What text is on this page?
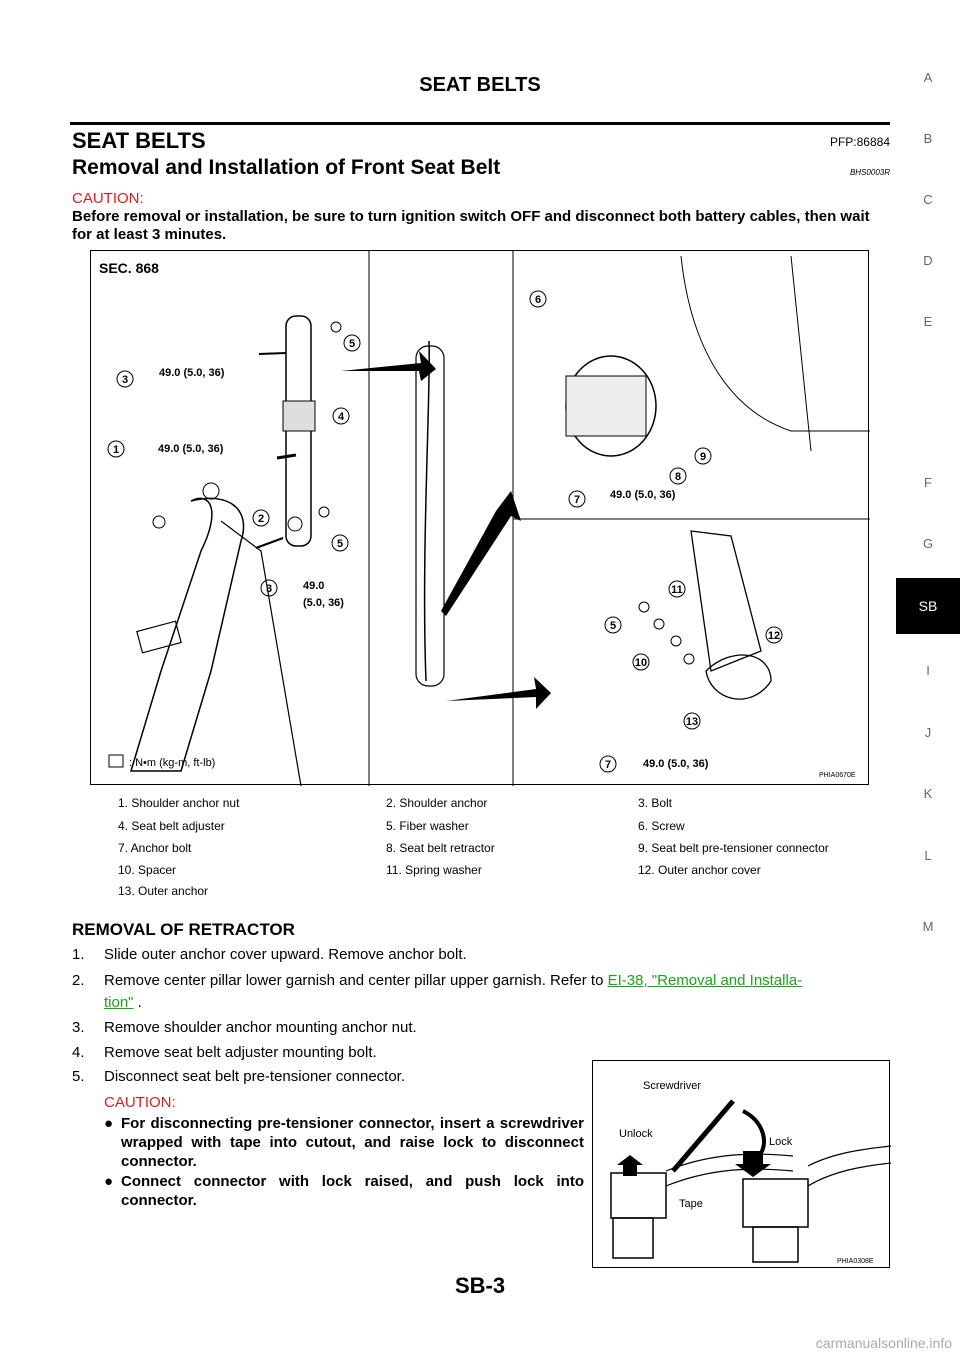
SEAT BELTS
SEAT BELTS	PFP:86884
Removal and Installation of Front Seat Belt	BHS0003R
CAUTION:
Before removal or installation, be sure to turn ignition switch OFF and disconnect both battery cables, then wait for at least 3 minutes.
A
B
C
D
E
F
G
SB
I
J
K
L
M
SEC. 868
3
49.0 (5.0, 36)
1	49.0 (5.0, 36)
5
4
2
5
3	49.0
(5.0, 36)
6
8
9
7	49.0 (5.0, 36)
11
5
12
10
13
7	49.0 (5.0, 36)
: N•m (kg-m, ft-lb)
PHIA0670E
1. Shoulder anchor nut	2. Shoulder anchor	3. Bolt
4. Seat belt adjuster	5. Fiber washer	6. Screw
7. Anchor bolt	8. Seat belt retractor	9. Seat belt pre-tensioner connector
10. Spacer	11. Spring washer	12. Outer anchor cover
13. Outer anchor
REMOVAL OF RETRACTOR
1. Slide outer anchor cover upward. Remove anchor bolt.
2. Remove center pillar lower garnish and center pillar upper garnish. Refer to EI-38, "Removal and Installa-
tion" .
3. Remove shoulder anchor mounting anchor nut.
4. Remove seat belt adjuster mounting bolt.
5. Disconnect seat belt pre-tensioner connector.
CAUTION:
● For disconnecting pre-tensioner connector, insert a screwdriver wrapped with tape into cutout, and raise lock to disconnect connector.
● Connect connector with lock raised, and push lock into connector.
Screwdriver
Unlock
Lock
Tape
PHIA0308E
SB-3
carmanualsonline.info
